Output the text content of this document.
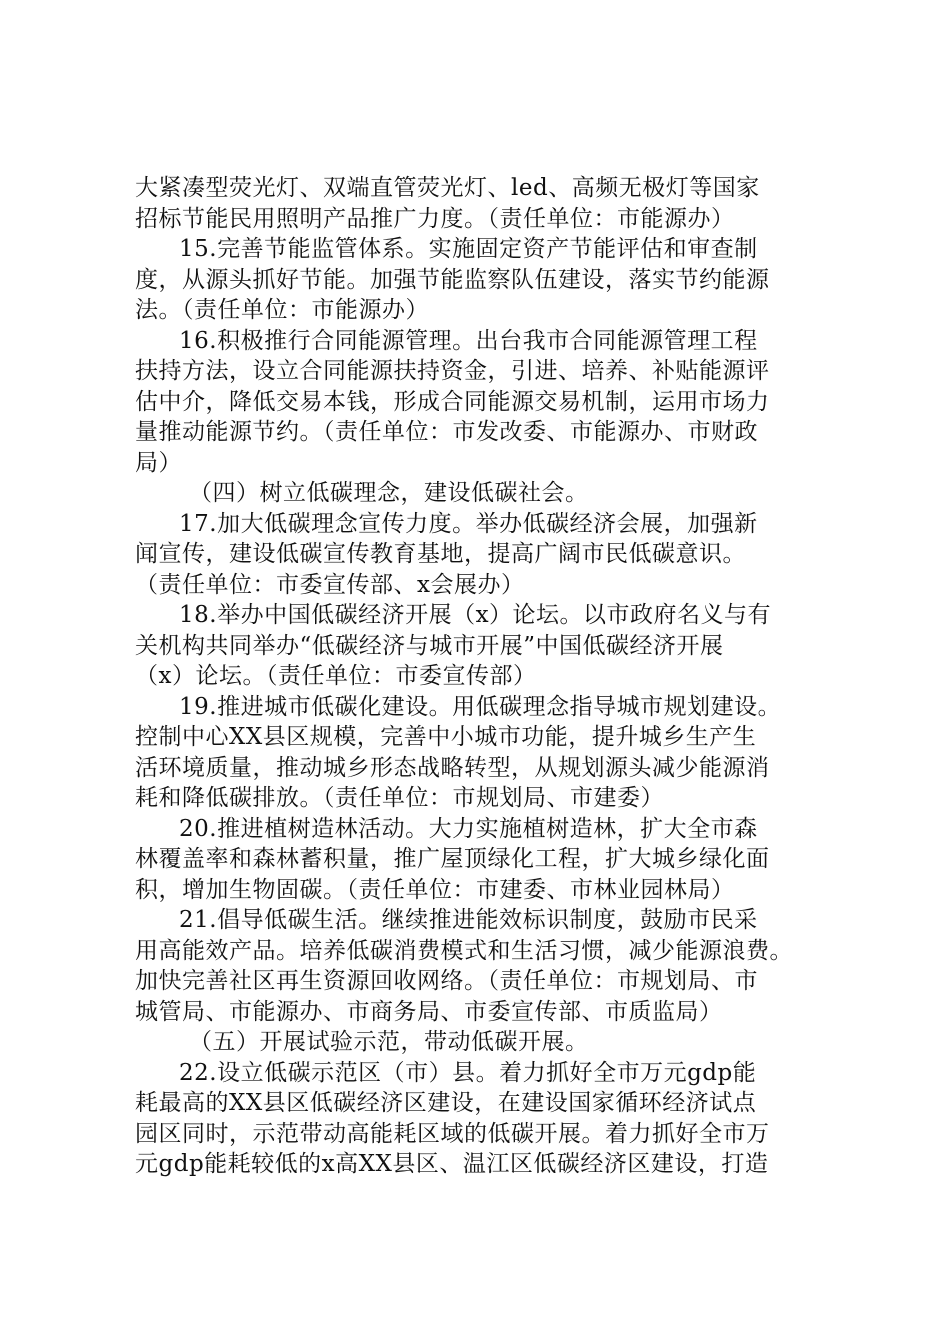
大紧凑型荧光灯、双端直管荧光灯、led、高频无极灯等国家
招标节能民用照明产品推广力度。（责任单位：市能源办）
15.完善节能监管体系。实施固定资产节能评估和审查制
度，从源头抓好节能。加强节能监察队伍建设，落实节约能源
法。（责任单位：市能源办）
16.积极推行合同能源管理。出台我市合同能源管理工程
扶持方法，设立合同能源扶持资金，引进、培养、补贴能源评
估中介，降低交易本钱，形成合同能源交易机制，运用市场力
量推动能源节约。（责任单位：市发改委、市能源办、市财政
局）
（四）树立低碳理念，建设低碳社会。
17.加大低碳理念宣传力度。举办低碳经济会展，加强新
闻宣传，建设低碳宣传教育基地，提高广阔市民低碳意识。
（责任单位：市委宣传部、x会展办）
18.举办中国低碳经济开展（x）论坛。以市政府名义与有
关机构共同举办“低碳经济与城市开展”中国低碳经济开展
（x）论坛。（责任单位：市委宣传部）
19.推进城市低碳化建设。用低碳理念指导城市规划建设。
控制中心XX县区规模，完善中小城市功能，提升城乡生产生
活环境质量，推动城乡形态战略转型，从规划源头减少能源消
耗和降低碳排放。（责任单位：市规划局、市建委）
20.推进植树造林活动。大力实施植树造林，扩大全市森
林覆盖率和森林蓄积量，推广屋顶绿化工程，扩大城乡绿化面
积，增加生物固碳。（责任单位：市建委、市林业园林局）
21.倡导低碳生活。继续推进能效标识制度，鼓励市民采
用高能效产品。培养低碳消费模式和生活习惯，减少能源浪费。
加快完善社区再生资源回收网络。（责任单位：市规划局、市
城管局、市能源办、市商务局、市委宣传部、市质监局）
（五）开展试验示范，带动低碳开展。
22.设立低碳示范区（市）县。着力抓好全市万元gdp能
耗最高的XX县区低碳经济区建设，在建设国家循环经济试点
园区同时，示范带动高能耗区域的低碳开展。着力抓好全市万
元gdp能耗较低的x高XX县区、温江区低碳经济区建设，打造
